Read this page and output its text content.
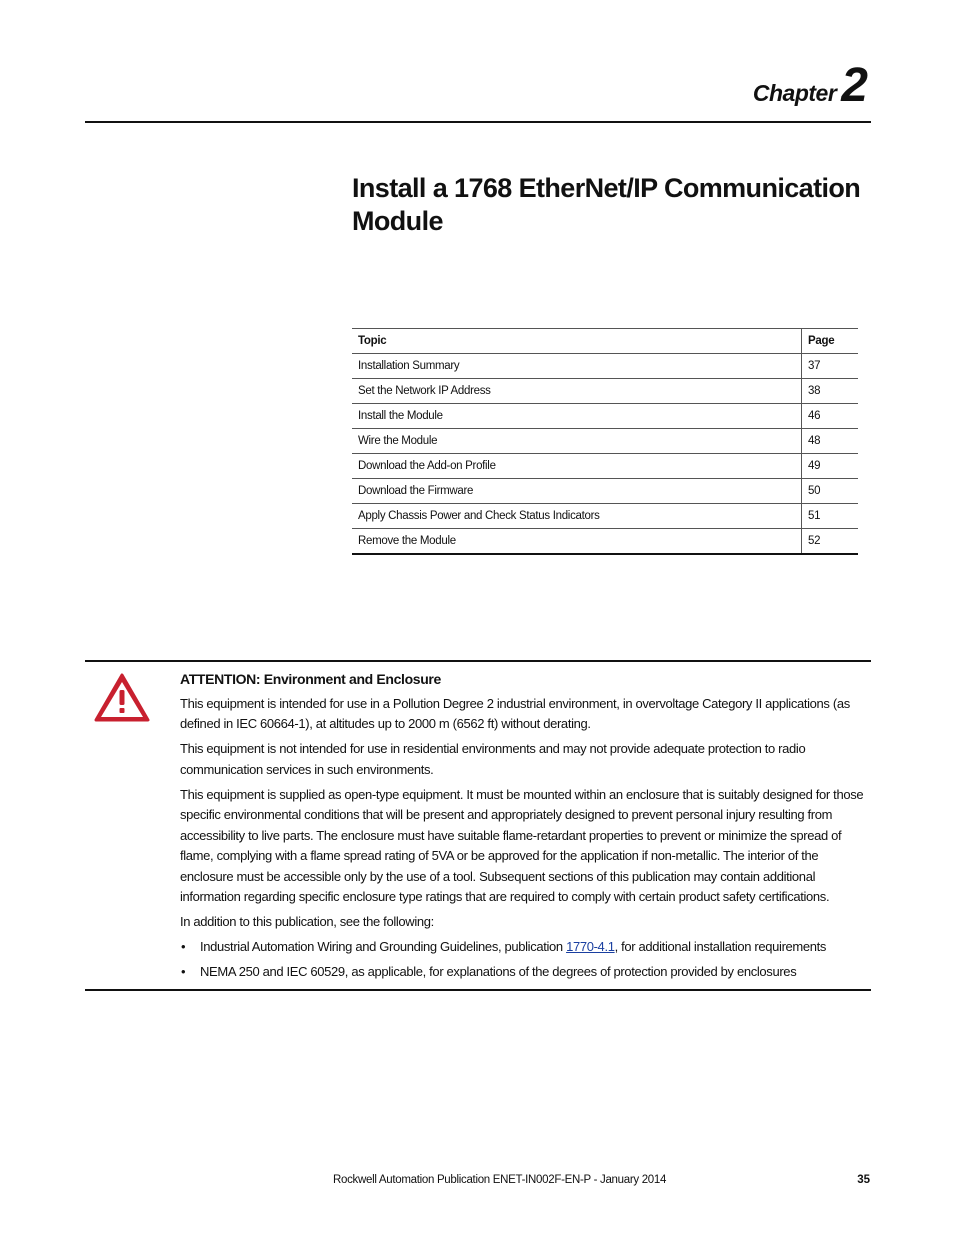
Chapter 2
Install a 1768 EtherNet/IP Communication Module
Topic	Page
Installation Summary	37
Set the Network IP Address	38
Install the Module	46
Wire the Module	48
Download the Add-on Profile	49
Download the Firmware	50
Apply Chassis Power and Check Status Indicators	51
Remove the Module	52
ATTENTION: Environment and Enclosure

This equipment is intended for use in a Pollution Degree 2 industrial environment, in overvoltage Category II applications (as defined in IEC 60664-1), at altitudes up to 2000 m (6562 ft) without derating.

This equipment is not intended for use in residential environments and may not provide adequate protection to radio communication services in such environments.

This equipment is supplied as open-type equipment. It must be mounted within an enclosure that is suitably designed for those specific environmental conditions that will be present and appropriately designed to prevent personal injury resulting from accessibility to live parts. The enclosure must have suitable flame-retardant properties to prevent or minimize the spread of flame, complying with a flame spread rating of 5VA or be approved for the application if non-metallic. The interior of the enclosure must be accessible only by the use of a tool. Subsequent sections of this publication may contain additional information regarding specific enclosure type ratings that are required to comply with certain product safety certifications.

In addition to this publication, see the following:

• Industrial Automation Wiring and Grounding Guidelines, publication 1770-4.1, for additional installation requirements
• NEMA 250 and IEC 60529, as applicable, for explanations of the degrees of protection provided by enclosures
Rockwell Automation Publication ENET-IN002F-EN-P - January 2014	35
